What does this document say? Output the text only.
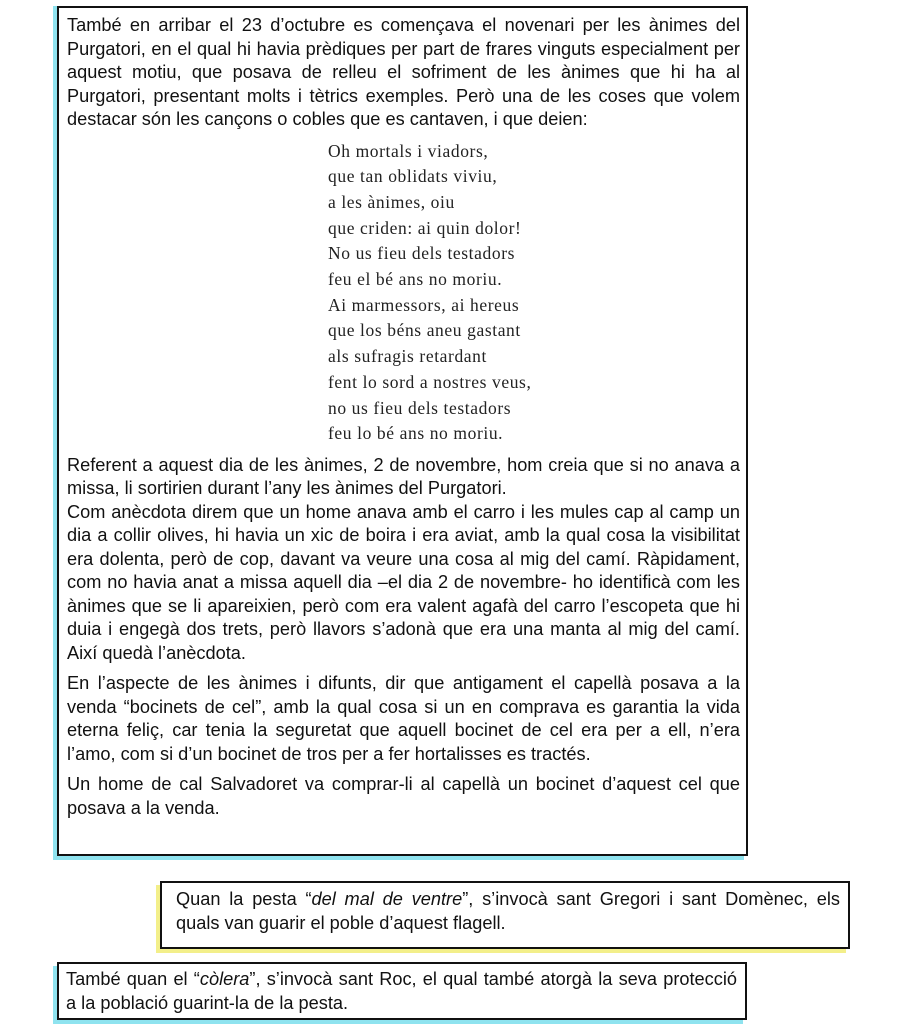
També en arribar el 23 d’octubre es començava el novenari per les ànimes del Purgatori, en el qual hi havia prèdiques per part de frares vinguts especialment per aquest motiu, que posava de relleu el sofriment de les ànimes que hi ha al Purgatori, presentant molts i tètrics exemples. Però una de les coses que volem destacar són les cançons o cobles que es cantaven, i que deien:

Oh mortals i viadors,
que tan oblidats viviu,
a les ànimes, oiu
que criden: ai quin dolor!
No us fieu dels testadors
feu el bé ans no moriu.
Ai marmessors, ai hereus
que los béns aneu gastant
als sufragis retardant
fent lo sord a nostres veus,
no us fieu dels testadors
feu lo bé ans no moriu.

Referent a aquest dia de les ànimes, 2 de novembre, hom creia que si no anava a missa, li sortirien durant l’any les ànimes del Purgatori.

Com anècdota direm que un home anava amb el carro i les mules cap al camp un dia a collir olives, hi havia un xic de boira i era aviat, amb la qual cosa la visibilitat era dolenta, però de cop, davant va veure una cosa al mig del camí. Ràpidament, com no havia anat a missa aquell dia –el dia 2 de novembre- ho identificà com les ànimes que se li apareixien, però com era valent agafà del carro l’escopeta que hi duia i engegà dos trets, però llavors s’adonà que era una manta al mig del camí. Així quedà l’anècdota.

En l’aspecte de les ànimes i difunts, dir que antigament el capellà posava a la venda “bocinets de cel”, amb la qual cosa si un en comprava es garantia la vida eterna feliç, car tenia la seguretat que aquell bocinet de cel era per a ell, n’era l’amo, com si d’un bocinet de tros per a fer hortalisses es tractés.

Un home de cal Salvadoret va comprar-li al capellà un bocinet d’aquest cel que posava a la venda.

Quan la pesta “del mal de ventre”, s’invocà sant Gregori i sant Domènec, els quals van guarir el poble d’aquest flagell.

També quan el “còlera”, s’invocà sant Roc, el qual també atorgà la seva protecció a la població guarint-la de la pesta.
